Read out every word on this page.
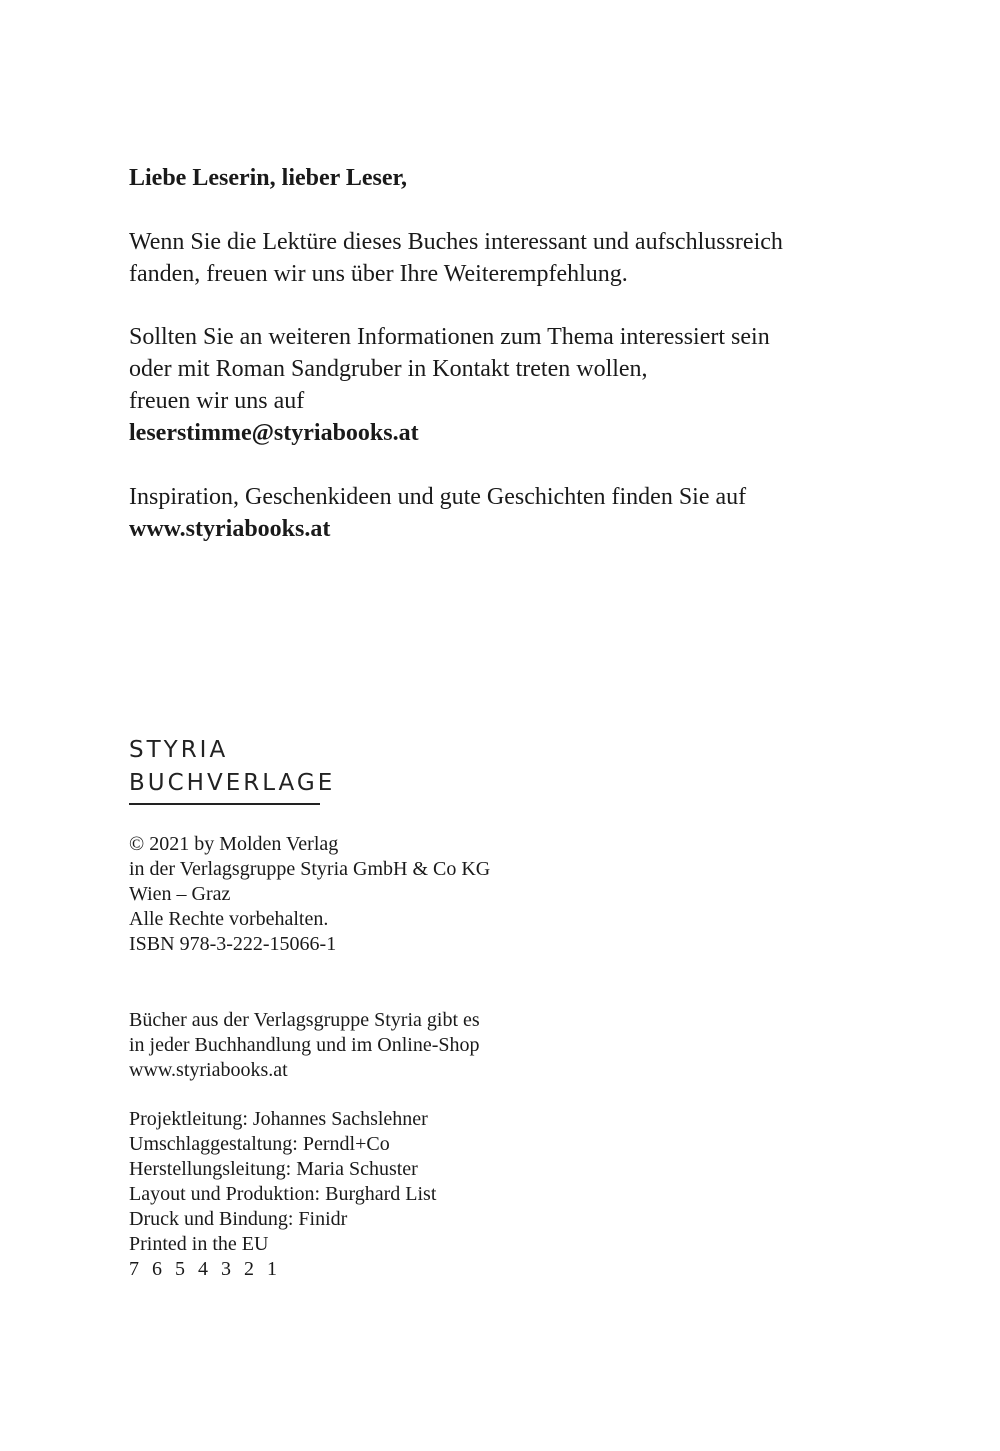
Liebe Leserin, lieber Leser,

Wenn Sie die Lektüre dieses Buches interessant und aufschlussreich

fanden, freuen wir uns über Ihre Weiterempfehlung.

Sollten Sie an weiteren Informationen zum Thema interessiert sein

oder mit Roman Sandgruber in Kontakt treten wollen,

freuen wir uns auf

leserstimme@styriabooks.at

Inspiration, Geschenkideen und gute Geschichten finden Sie auf

www.styriabooks.at

STYRIA
BUCHVERLAGE
© 2021 by Molden Verlag
in der Verlagsgruppe Styria GmbH & Co KG
Wien – Graz
Alle Rechte vorbehalten.
ISBN 978-3-222-15066-1
Bücher aus der Verlagsgruppe Styria gibt es
in jeder Buchhandlung und im Online-Shop
www.styriabooks.at
Projektleitung: Johannes Sachslehner
Umschlaggestaltung: Perndl+Co
Herstellungsleitung: Maria Schuster
Layout und Produktion: Burghard List
Druck und Bindung: Finidr
Printed in the EU
7 6 5 4 3 2 1
